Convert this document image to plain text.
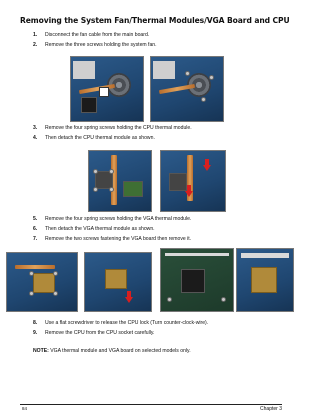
Removing the System Fan/Thermal Modules/VGA Board and CPU
1. Disconnect the fan cable from the main board.
2. Remove the three screws holding the system fan.
3. Remove the four spring screws holding the CPU thermal module.
4. Then detach the CPU thermal module as shown.
5. Remove the four spring screws holding the VGA thermal module.
6. Then detach the VGA thermal module as shown.
7. Remove the two screws fastening the VGA board then remove it.
8. Use a flat screwdriver to release the CPU lock (Turn counter-clock-wire).
9. Remove the CPU from the CPU socket carefully.
NOTE: VGA thermal module and VGA board on selected models only.
84	Chapter 3
